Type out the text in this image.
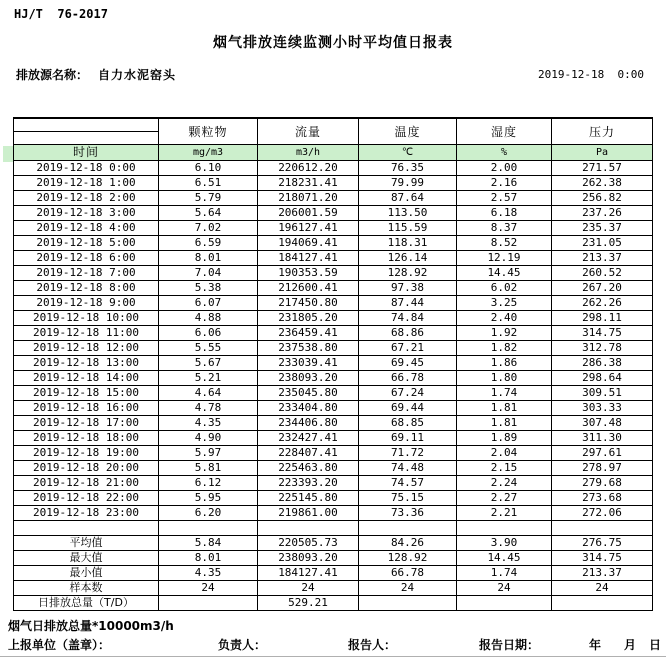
HJ/T  76-2017
烟气排放连续监测小时平均值日报表
排放源名称： 自力水泥窑头	2019-12-18  0:00
	颗粒物	流量	温度	湿度	压力

时间	mg/m3	m3/h	℃	%	Pa
2019-12-18 0:00	6.10	220612.20	76.35	2.00	271.57
2019-12-18 1:00	6.51	218231.41	79.99	2.16	262.38
2019-12-18 2:00	5.79	218071.20	87.64	2.57	256.82
2019-12-18 3:00	5.64	206001.59	113.50	6.18	237.26
2019-12-18 4:00	7.02	196127.41	115.59	8.37	235.37
2019-12-18 5:00	6.59	194069.41	118.31	8.52	231.05
2019-12-18 6:00	8.01	184127.41	126.14	12.19	213.37
2019-12-18 7:00	7.04	190353.59	128.92	14.45	260.52
2019-12-18 8:00	5.38	212600.41	97.38	6.02	267.20
2019-12-18 9:00	6.07	217450.80	87.44	3.25	262.26
2019-12-18 10:00	4.88	231805.20	74.84	2.40	298.11
2019-12-18 11:00	6.06	236459.41	68.86	1.92	314.75
2019-12-18 12:00	5.55	237538.80	67.21	1.82	312.78
2019-12-18 13:00	5.67	233039.41	69.45	1.86	286.38
2019-12-18 14:00	5.21	238093.20	66.78	1.80	298.64
2019-12-18 15:00	4.64	235045.80	67.24	1.74	309.51
2019-12-18 16:00	4.78	233404.80	69.44	1.81	303.33
2019-12-18 17:00	4.35	234406.80	68.85	1.81	307.48
2019-12-18 18:00	4.90	232427.41	69.11	1.89	311.30
2019-12-18 19:00	5.97	228407.41	71.72	2.04	297.61
2019-12-18 20:00	5.81	225463.80	74.48	2.15	278.97
2019-12-18 21:00	6.12	223393.20	74.57	2.24	279.68
2019-12-18 22:00	5.95	225145.80	75.15	2.27	273.68
2019-12-18 23:00	6.20	219861.00	73.36	2.21	272.06

平均值	5.84	220505.73	84.26	3.90	276.75
最大值	8.01	238093.20	128.92	14.45	314.75
最小值	4.35	184127.41	66.78	1.74	213.37
样本数	24	24	24	24	24
日排放总量（T/D）		529.21			
烟气日排放总量*10000m3/h
上报单位（盖章）：	负责人：	报告人：	报告日期：	年 月 日
